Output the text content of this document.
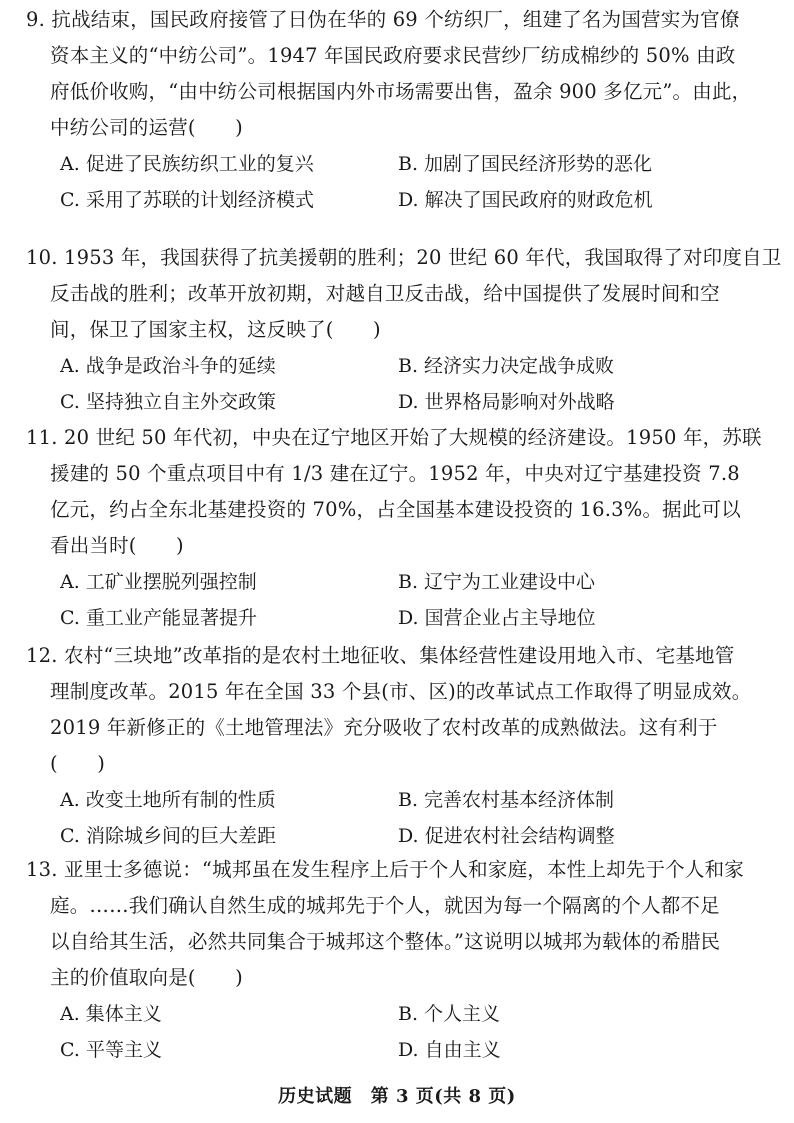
9. 抗战结束，国民政府接管了日伪在华的 69 个纺织厂，组建了名为国营实为官僚
资本主义的“中纺公司”。1947 年国民政府要求民营纱厂纺成棉纱的 50% 由政
府低价收购，“由中纺公司根据国内外市场需要出售，盈余 900 多亿元”。由此，
中纺公司的运营(　　)
A. 促进了民族纺织工业的复兴	B. 加剧了国民经济形势的恶化
C. 采用了苏联的计划经济模式	D. 解决了国民政府的财政危机
10. 1953 年，我国获得了抗美援朝的胜利；20 世纪 60 年代，我国取得了对印度自卫
反击战的胜利；改革开放初期，对越自卫反击战，给中国提供了发展时间和空
间，保卫了国家主权，这反映了(　　)
A. 战争是政治斗争的延续	B. 经济实力决定战争成败
C. 坚持独立自主外交政策	D. 世界格局影响对外战略
11. 20 世纪 50 年代初，中央在辽宁地区开始了大规模的经济建设。1950 年，苏联
援建的 50 个重点项目中有 1/3 建在辽宁。1952 年，中央对辽宁基建投资 7.8
亿元，约占全东北基建投资的 70%，占全国基本建设投资的 16.3%。据此可以
看出当时(　　)
A. 工矿业摆脱列强控制	B. 辽宁为工业建设中心
C. 重工业产能显著提升	D. 国营企业占主导地位
12. 农村“三块地”改革指的是农村土地征收、集体经营性建设用地入市、宅基地管
理制度改革。2015 年在全国 33 个县(市、区)的改革试点工作取得了明显成效。
2019 年新修正的《土地管理法》充分吸收了农村改革的成熟做法。这有利于
(　　)
A. 改变土地所有制的性质	B. 完善农村基本经济体制
C. 消除城乡间的巨大差距	D. 促进农村社会结构调整
13. 亚里士多德说：“城邦虽在发生程序上后于个人和家庭，本性上却先于个人和家
庭。……我们确认自然生成的城邦先于个人，就因为每一个隔离的个人都不足
以自给其生活，必然共同集合于城邦这个整体。”这说明以城邦为载体的希腊民
主的价值取向是(　　)
A. 集体主义	B. 个人主义
C. 平等主义	D. 自由主义
历史试题　第 3 页(共 8 页)
